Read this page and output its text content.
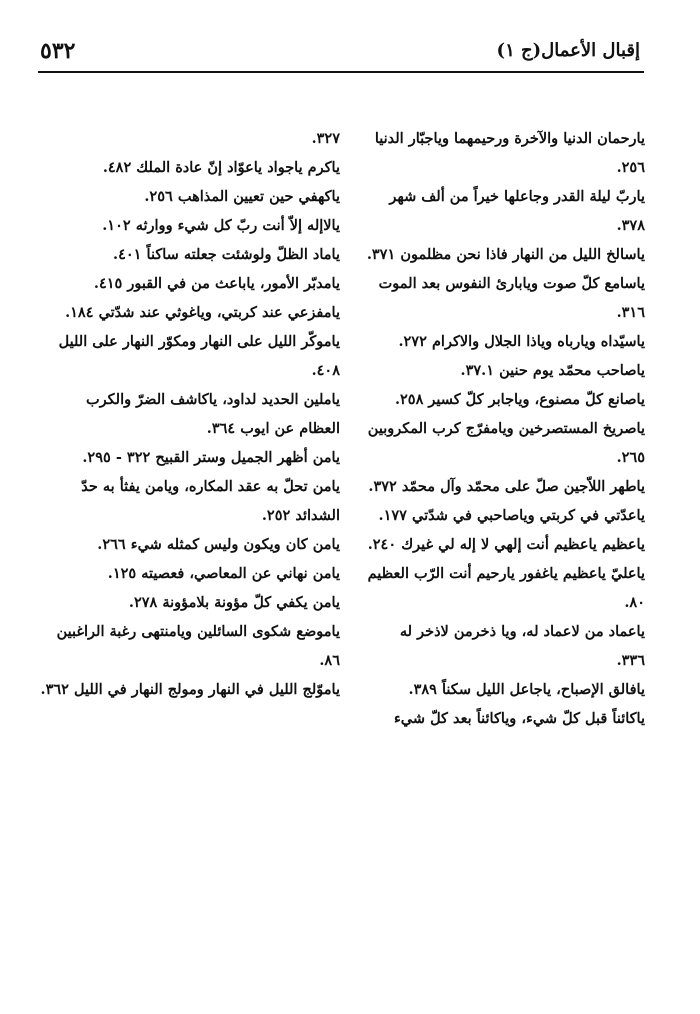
٥٣٢	إقبال الأعمال(ج ١)
يارحمان الدنيا والآخرة ورحيمهما وياجبّار الدنيا
٢٥٦.
ياربّ ليلة القدر وجاعلها خيراً من ألف شهر
٣٧٨.
ياسالخ الليل من النهار فاذا نحن مظلمون ٣٧١.
ياسامع كلّ صوت ويابارئ النفوس بعد الموت
٣١٦.
ياسيّداه ويارباه وياذا الجلال والاكرام ٢٧٢.
ياصاحب محمّد يوم حنين ٣٧.١.
ياصانع كلّ مصنوع، وياجابر كلّ كسير ٢٥٨.
ياصريخ المستصرخين ويامفرّج كرب المكروبين
٢٦٥.
ياطهر اللاّجين صلّ على محمّد وآل محمّد ٣٧٢.
ياعدّتي في كربتي وياصاحبي في شدّتي ١٧٧.
ياعظيم ياعظيم أنت إلهي لا إله لي غيرك ٢٤٠.
ياعليّ ياعظيم ياغفور يارحيم أنت الرّب العظيم
٨٠.
ياعماد من لاعماد له، ويا ذخرمن لاذخر له
٣٣٦.
يافالق الإصباح، ياجاعل الليل سكناً ٣٨٩.
ياكائناً قبل كلّ شيء، وياكائناً بعد كلّ شيء
٣٢٧.
ياكرم ياجواد ياعوّاد إنّ عادة الملك ٤٨٢.
ياكهفي حين تعيين المذاهب ٢٥٦.
يالاإله إلاّ أنت ربّ كل شيء ووارثه ١٠٢.
ياماد الظلّ ولوشئت جعلته ساكناً ٤٠١.
يامدبّر الأمور، ياباعث من في القبور ٤١٥.
يامفزعي عند كربتي، وياغوثي عند شدّتي ١٨٤.
ياموكّر الليل على النهار ومكوّر النهار على الليل
٤٠٨.
ياملين الحديد لداود، ياكاشف الضرّ والكرب
العظام عن ايوب ٣٦٤.
يامن أظهر الجميل وستر القبيح ٣٢٢ - ٢٩٥.
يامن تحلّ به عقد المكاره، ويامن يفثأ به حدّ
الشدائد ٢٥٢.
يامن كان ويكون وليس كمثله شيء ٢٦٦.
يامن نهاني عن المعاصي، فعصيته ١٢٥.
يامن يكفي كلّ مؤونة بلامؤونة ٢٧٨.
ياموضع شكوى السائلين ويامنتهى رغبة الراغبين
٨٦.
ياموّلج الليل في النهار ومولج النهار في الليل ٣٦٢.
